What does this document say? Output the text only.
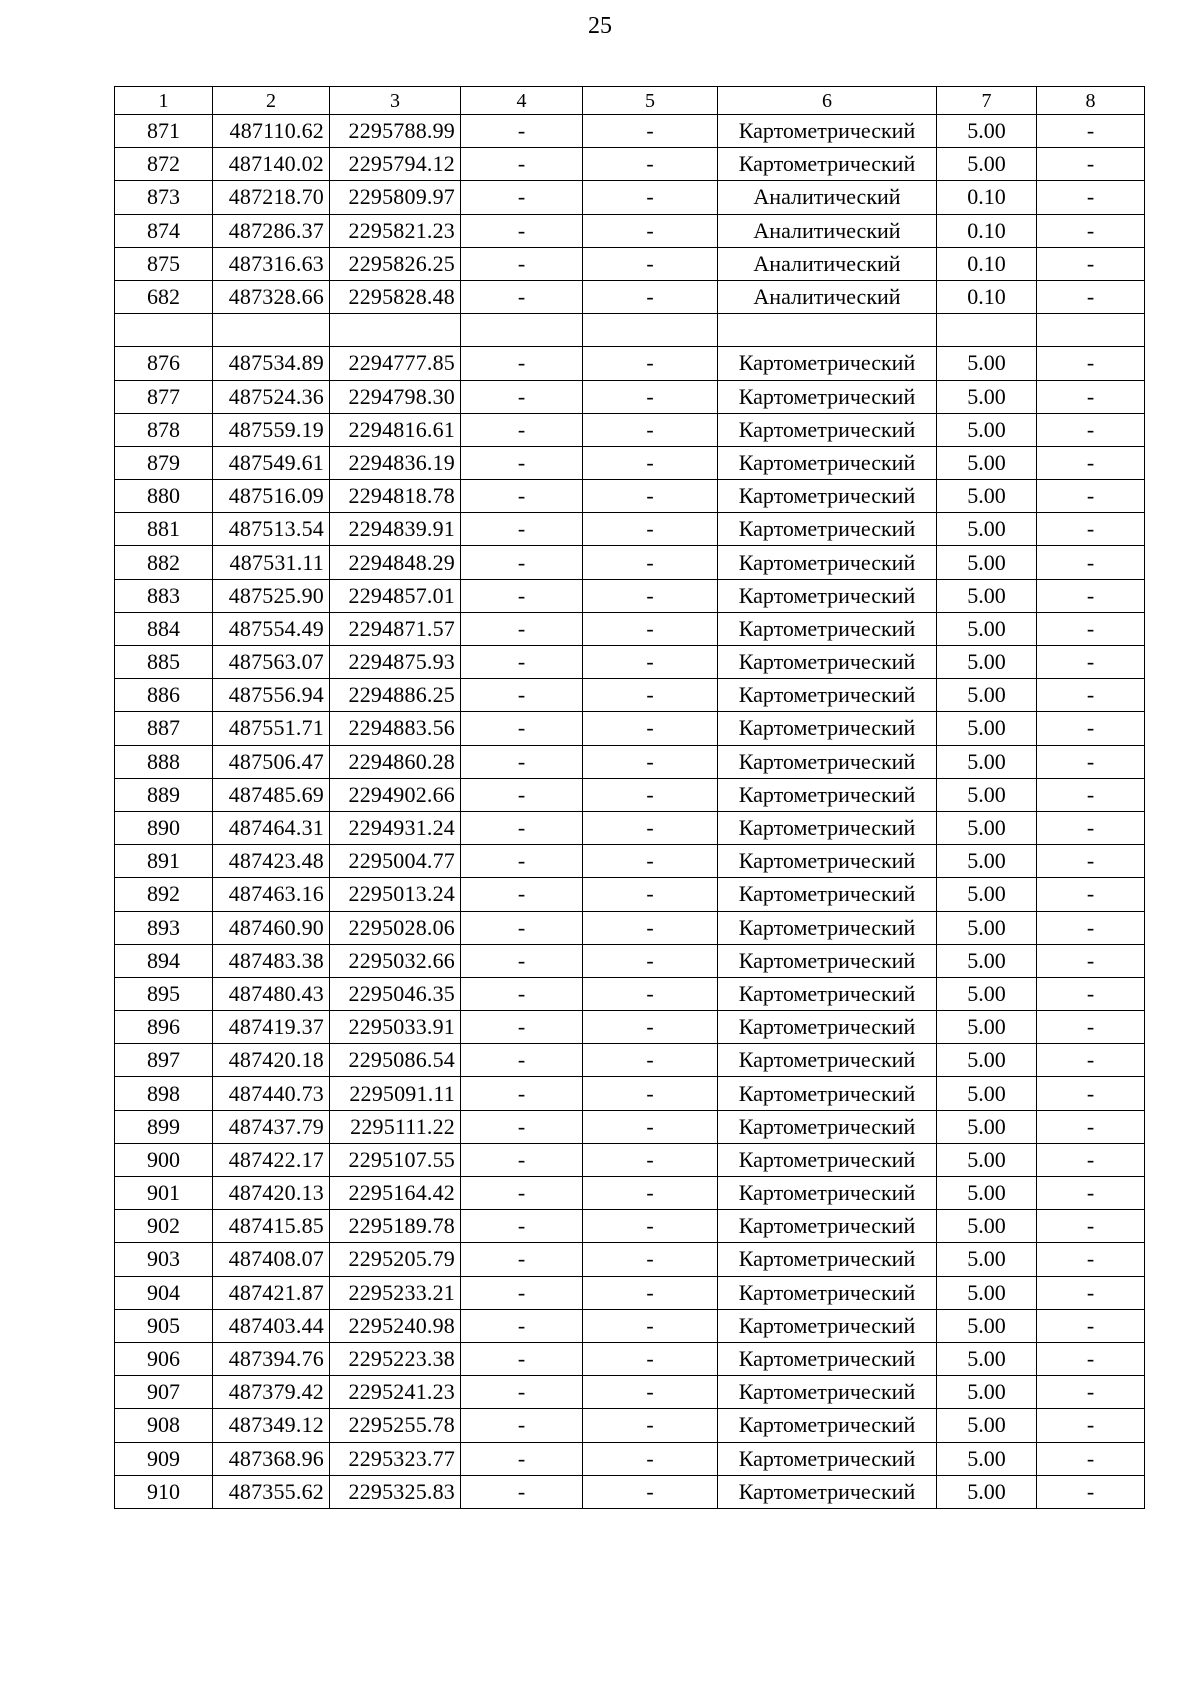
25
1	2	3	4	5	6	7	8
871	487110.62	2295788.99	-	-	Картометрический	5.00	-
872	487140.02	2295794.12	-	-	Картометрический	5.00	-
873	487218.70	2295809.97	-	-	Аналитический	0.10	-
874	487286.37	2295821.23	-	-	Аналитический	0.10	-
875	487316.63	2295826.25	-	-	Аналитический	0.10	-
682	487328.66	2295828.48	-	-	Аналитический	0.10	-

876	487534.89	2294777.85	-	-	Картометрический	5.00	-
877	487524.36	2294798.30	-	-	Картометрический	5.00	-
878	487559.19	2294816.61	-	-	Картометрический	5.00	-
879	487549.61	2294836.19	-	-	Картометрический	5.00	-
880	487516.09	2294818.78	-	-	Картометрический	5.00	-
881	487513.54	2294839.91	-	-	Картометрический	5.00	-
882	487531.11	2294848.29	-	-	Картометрический	5.00	-
883	487525.90	2294857.01	-	-	Картометрический	5.00	-
884	487554.49	2294871.57	-	-	Картометрический	5.00	-
885	487563.07	2294875.93	-	-	Картометрический	5.00	-
886	487556.94	2294886.25	-	-	Картометрический	5.00	-
887	487551.71	2294883.56	-	-	Картометрический	5.00	-
888	487506.47	2294860.28	-	-	Картометрический	5.00	-
889	487485.69	2294902.66	-	-	Картометрический	5.00	-
890	487464.31	2294931.24	-	-	Картометрический	5.00	-
891	487423.48	2295004.77	-	-	Картометрический	5.00	-
892	487463.16	2295013.24	-	-	Картометрический	5.00	-
893	487460.90	2295028.06	-	-	Картометрический	5.00	-
894	487483.38	2295032.66	-	-	Картометрический	5.00	-
895	487480.43	2295046.35	-	-	Картометрический	5.00	-
896	487419.37	2295033.91	-	-	Картометрический	5.00	-
897	487420.18	2295086.54	-	-	Картометрический	5.00	-
898	487440.73	2295091.11	-	-	Картометрический	5.00	-
899	487437.79	2295111.22	-	-	Картометрический	5.00	-
900	487422.17	2295107.55	-	-	Картометрический	5.00	-
901	487420.13	2295164.42	-	-	Картометрический	5.00	-
902	487415.85	2295189.78	-	-	Картометрический	5.00	-
903	487408.07	2295205.79	-	-	Картометрический	5.00	-
904	487421.87	2295233.21	-	-	Картометрический	5.00	-
905	487403.44	2295240.98	-	-	Картометрический	5.00	-
906	487394.76	2295223.38	-	-	Картометрический	5.00	-
907	487379.42	2295241.23	-	-	Картометрический	5.00	-
908	487349.12	2295255.78	-	-	Картометрический	5.00	-
909	487368.96	2295323.77	-	-	Картометрический	5.00	-
910	487355.62	2295325.83	-	-	Картометрический	5.00	-
